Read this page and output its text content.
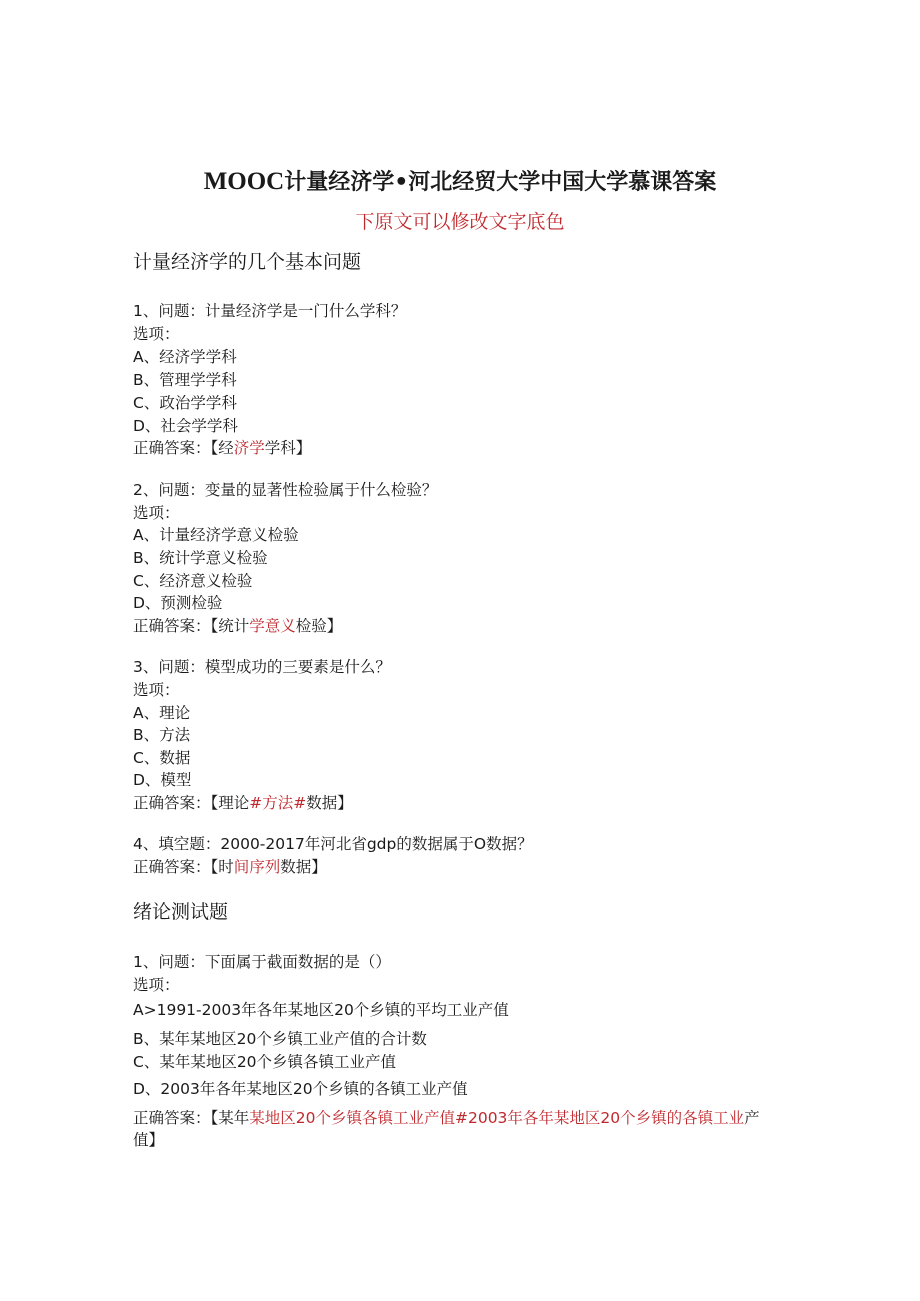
MOOC计量经济学•河北经贸大学中国大学慕课答案
下原文可以修改文字底色
计量经济学的几个基本问题
1、问题：计量经济学是一门什么学科？
选项：
A、经济学学科
B、管理学学科
C、政治学学科
D、社会学学科
正确答案：【经济学学科】
2、问题：变量的显著性检验属于什么检验？
选项：
A、计量经济学意义检验
B、统计学意义检验
C、经济意义检验
D、预测检验
正确答案：【统计学意义检验】
3、问题：模型成功的三要素是什么？
选项：
A、理论
B、方法
C、数据
D、模型
正确答案：【理论#方法#数据】
4、填空题：2000-2017年河北省gdp的数据属于O数据？
正确答案：【时间序列数据】
绪论测试题
1、问题：下面属于截面数据的是（）
选项：
A>1991-2003年各年某地区20个乡镇的平均工业产值
B、某年某地区20个乡镇工业产值的合计数
C、某年某地区20个乡镇各镇工业产值
D、2003年各年某地区20个乡镇的各镇工业产值
正确答案：【某年某地区20个乡镇各镇工业产值#2003年各年某地区20个乡镇的各镇工业产值】
